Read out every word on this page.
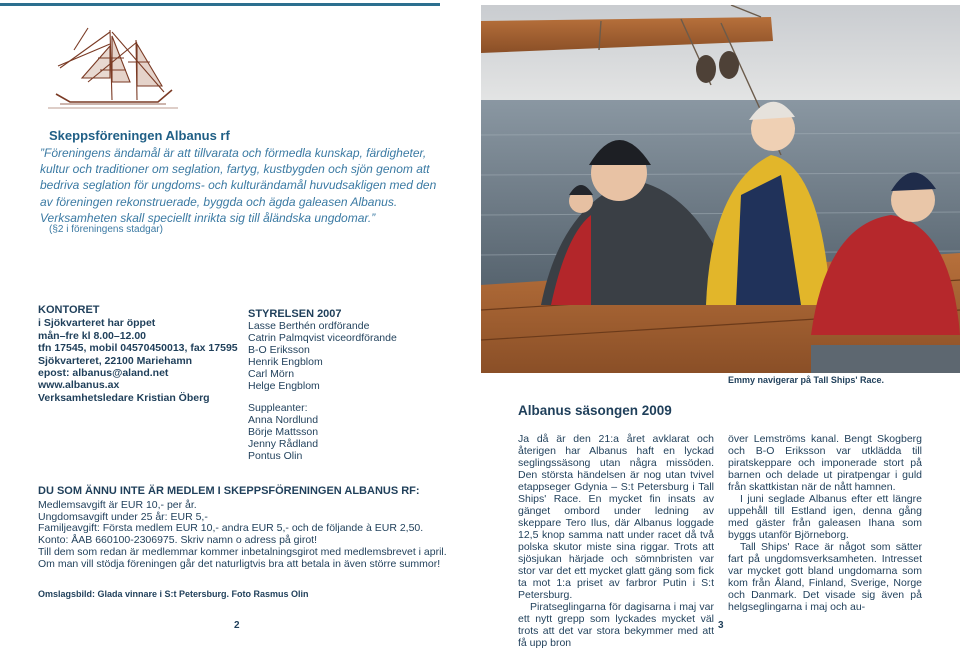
Skeppsföreningen Albanus rf
”Föreningens ändamål är att tillvarata och förmedla kunskap, färdigheter, kultur och traditioner om seglation, fartyg, kustbygden och sjön genom att bedriva seglation för ungdoms- och kulturändamål huvudsakligen med den av föreningen rekonstruerade, byggda och ägda galeasen Albanus. Verksamheten skall speciellt inrikta sig till åländska ungdomar.”
(§2 i föreningens stadgar)
KONTORET
i Sjökvarteret har öppet
mån–fre kl 8.00–12.00
tfn 17545, mobil 04570450013, fax 17595
Sjökvarteret, 22100 Mariehamn
epost: albanus@aland.net
www.albanus.ax
Verksamhetsledare Kristian Öberg
STYRELSEN 2007
Lasse Berthén ordförande
Catrin Palmqvist viceordförande
B-O Eriksson
Henrik Engblom
Carl Mörn
Helge Engblom
Suppleanter:
Anna Nordlund
Börje Mattsson
Jenny Rådland
Pontus Olin
DU SOM ÄNNU INTE ÄR MEDLEM I SKEPPSFÖRENINGEN ALBANUS RF:
Medlemsavgift är EUR 10,- per år.
Ungdomsavgift under 25 år: EUR 5,-
Familjeavgift: Första medlem EUR 10,- andra EUR 5,- och de följande à EUR 2,50.
Konto: ÅAB 660100-2306975. Skriv namn o adress på girot!
Till dem som redan är medlemmar kommer inbetalningsgirot med medlemsbrevet i april.
Om man vill stödja föreningen går det naturligtvis bra att betala in även större summor!
Omslagsbild: Glada vinnare i S:t Petersburg. Foto Rasmus Olin
2	3
Emmy navigerar på Tall Ships' Race.
Albanus säsongen 2009

Ja då är den 21:a året avklarat och återigen har Albanus haft en lyckad seglingssäsong utan några missöden. Den största händelsen är nog utan tvivel etappseger Gdynia – S:t Petersburg i Tall Ships' Race. En mycket fin insats av gänget ombord under ledning av skeppare Tero Ilus, där Albanus loggade 12,5 knop samma natt under racet då två polska skutor miste sina riggar. Trots att sjösjukan härjade och sömnbristen var stor var det ett mycket glatt gäng som fick ta mot 1:a priset av farbror Putin i S:t Petersburg.

Piratseglingarna för dagisarna i maj var ett nytt grepp som lyckades mycket väl trots att det var stora bekymmer med att få upp bron

över Lemströms kanal. Bengt Skogberg och B-O Eriksson var utklädda till piratskeppare och imponerade stort på barnen och delade ut piratpengar i guld från skattkistan när de nått hamnen.

I juni seglade Albanus efter ett längre uppehåll till Estland igen, denna gång med gäster från galeasen Ihana som byggs utanför Björneborg.

Tall Ships' Race är något som sätter fart på ungdomsverksamheten. Intresset var mycket gott bland ungdomarna som kom från Åland, Finland, Sverige, Norge och Danmark. Det visade sig även på helgseglingarna i maj och au-
